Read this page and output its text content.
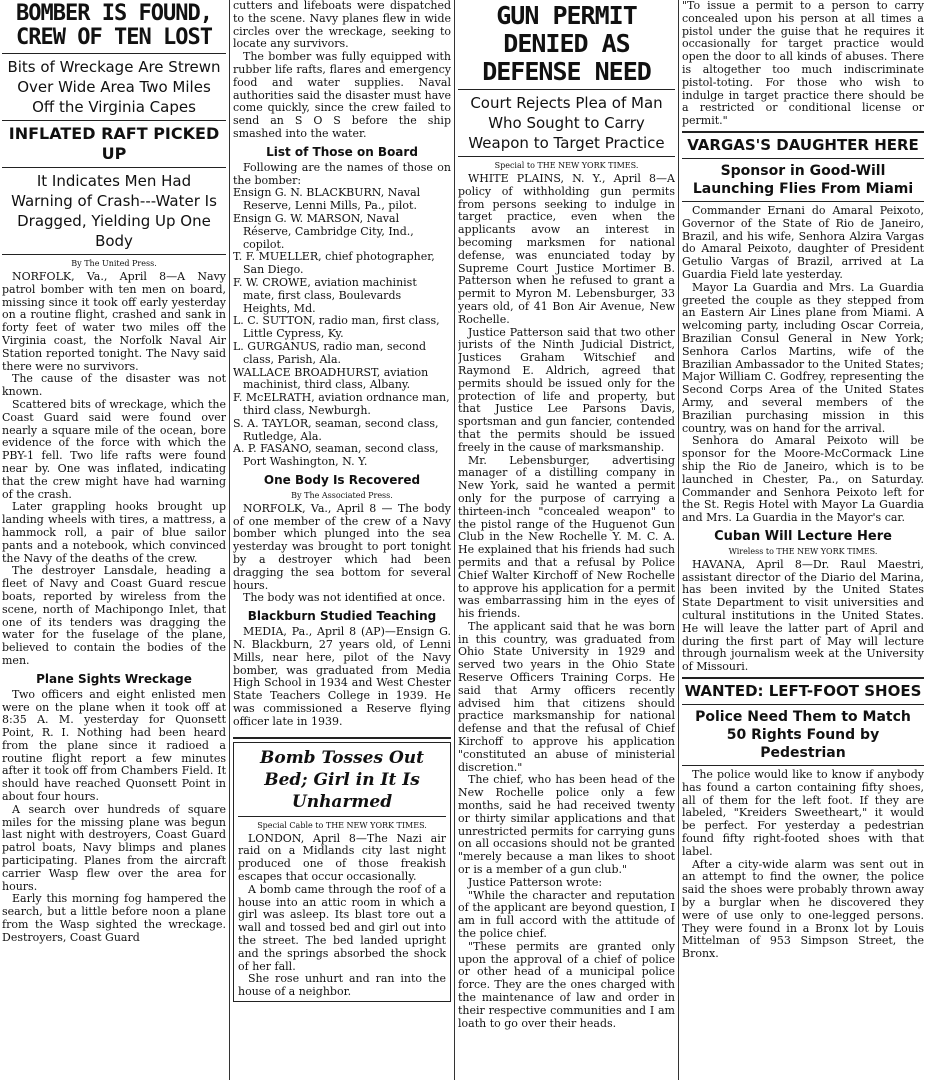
BOMBER IS FOUND, CREW OF TEN LOST
Bits of Wreckage Are Strewn Over Wide Area Two Miles Off the Virginia Capes
INFLATED RAFT PICKED UP
It Indicates Men Had Warning of Crash---Water Is Dragged, Yielding Up One Body
By The United Press.

NORFOLK, Va., April 8—A Navy patrol bomber with ten men on board, missing since it took off early yesterday on a routine flight, crashed and sank in forty feet of water two miles off the Virginia coast, the Norfolk Naval Air Station reported tonight. The Navy said there were no survivors.

The cause of the disaster was not known.

Scattered bits of wreckage, which the Coast Guard said were found over nearly a square mile of the ocean, bore evidence of the force with which the PBY-1 fell. Two life rafts were found near by. One was inflated, indicating that the crew might have had warning of the crash.

Later grappling hooks brought up landing wheels with tires, a mattress, a hammock roll, a pair of blue sailor pants and a notebook, which convinced the Navy of the deaths of the crew.

The destroyer Lansdale, heading a fleet of Navy and Coast Guard rescue boats, reported by wireless from the scene, north of Machipongo Inlet, that one of its tenders was dragging the water for the fuselage of the plane, believed to contain the bodies of the men.

Plane Sights Wreckage

Two officers and eight enlisted men were on the plane when it took off at 8:35 A. M. yesterday for Quonsett Point, R. I. Nothing had been heard from the plane since it radioed a routine flight report a few minutes after it took off from Chambers Field. It should have reached Quonsett Point in about four hours.

A search over hundreds of square miles for the missing plane was begun last night with destroyers, Coast Guard patrol boats, Navy blimps and planes participating. Planes from the aircraft carrier Wasp flew over the area for hours.

Early this morning fog hampered the search, but a little before noon a plane from the Wasp sighted the wreckage. Destroyers, Coast Guard

cutters and lifeboats were dispatched to the scene. Navy planes flew in wide circles over the wreckage, seeking to locate any survivors.

The bomber was fully equipped with rubber life rafts, flares and emergency food and water supplies. Naval authorities said the disaster must have come quickly, since the crew failed to send an S O S before the ship smashed into the water.

List of Those on Board

Following are the names of those on the bomber:

Ensign G. N. BLACKBURN, Naval Reserve, Lenni Mills, Pa., pilot.

Ensign G. W. MARSON, Naval Réserve, Cambridge City, Ind., copilot.

T. F. MUELLER, chief photographer, San Diego.

F. W. CROWE, aviation machinist mate, first class, Boulevards Heights, Md.

L. C. SUTTON, radio man, first class, Little Cypress, Ky.

L. GURGANUS, radio man, second class, Parish, Ala.

WALLACE BROADHURST, aviation machinist, third class, Albany.

F. McELRATH, aviation ordnance man, third class, Newburgh.

S. A. TAYLOR, seaman, second class, Rutledge, Ala.

A. P. FASANO, seaman, second class, Port Washington, N. Y.

One Body Is Recovered
By The Associated Press.

NORFOLK, Va., April 8 — The body of one member of the crew of a Navy bomber which plunged into the sea yesterday was brought to port tonight by a destroyer which had been dragging the sea bottom for several hours.

The body was not identified at once.

Blackburn Studied Teaching

MEDIA, Pa., April 8 (AP)—Ensign G. N. Blackburn, 27 years old, of Lenni Mills, near here, pilot of the Navy bomber, was graduated from Media High School in 1934 and West Chester State Teachers College in 1939. He was commissioned a Reserve flying officer late in 1939.

Bomb Tosses Out Bed; Girl in It Is Unharmed
Special Cable to THE NEW YORK TIMES.

LONDON, April 8—The Nazi air raid on a Midlands city last night produced one of those freakish escapes that occur occasionally.

A bomb came through the roof of a house into an attic room in which a girl was asleep. Its blast tore out a wall and tossed bed and girl out into the street. The bed landed upright and the springs absorbed the shock of her fall.

She rose unhurt and ran into the house of a neighbor.

GUN PERMIT DENIED AS DEFENSE NEED
Court Rejects Plea of Man Who Sought to Carry Weapon to Target Practice
Special to THE NEW YORK TIMES.

WHITE PLAINS, N. Y., April 8—A policy of withholding gun permits from persons seeking to indulge in target practice, even when the applicants avow an interest in becoming marksmen for national defense, was enunciated today by Supreme Court Justice Mortimer B. Patterson when he refused to grant a permit to Myron M. Lebensburger, 33 years old, of 41 Bon Air Avenue, New Rochelle.

Justice Patterson said that two other jurists of the Ninth Judicial District, Justices Graham Witschief and Raymond E. Aldrich, agreed that permits should be issued only for the protection of life and property, but that Justice Lee Parsons Davis, sportsman and gun fancier, contended that the permits should be issued freely in the cause of marksmanship.

Mr. Lebensburger, advertising manager of a distilling company in New York, said he wanted a permit only for the purpose of carrying a thirteen-inch "concealed weapon" to the pistol range of the Huguenot Gun Club in the New Rochelle Y. M. C. A. He explained that his friends had such permits and that a refusal by Police Chief Walter Kirchoff of New Rochelle to approve his application for a permit was embarrassing him in the eyes of his friends.

The applicant said that he was born in this country, was graduated from Ohio State University in 1929 and served two years in the Ohio State Reserve Officers Training Corps. He said that Army officers recently advised him that citizens should practice marksmanship for national defense and that the refusal of Chief Kirchoff to approve his application "constituted an abuse of ministerial discretion."

The chief, who has been head of the New Rochelle police only a few months, said he had received twenty or thirty similar applications and that unrestricted permits for carrying guns on all occasions should not be granted "merely because a man likes to shoot or is a member of a gun club."

Justice Patterson wrote:

"While the character and reputation of the applicant are beyond question, I am in full accord with the attitude of the police chief.

"These permits are granted only upon the approval of a chief of police or other head of a municipal police force. They are the ones charged with the maintenance of law and order in their respective communities and I am loath to go over their heads.

"To issue a permit to a person to carry concealed upon his person at all times a pistol under the guise that he requires it occasionally for target practice would open the door to all kinds of abuses. There is altogether too much indiscriminate pistol-toting. For those who wish to indulge in target practice there should be a restricted or conditional license or permit."

VARGAS'S DAUGHTER HERE
Sponsor in Good-Will Launching Flies From Miami

Commander Ernani do Amaral Peixoto, Governor of the State of Rio de Janeiro, Brazil, and his wife, Senhora Alzira Vargas do Amaral Peixoto, daughter of President Getulio Vargas of Brazil, arrived at La Guardia Field late yesterday.

Mayor La Guardia and Mrs. La Guardia greeted the couple as they stepped from an Eastern Air Lines plane from Miami. A welcoming party, including Oscar Correia, Brazilian Consul General in New York; Senhora Carlos Martins, wife of the Brazilian Ambassador to the United States; Major William C. Godfrey, representing the Second Corps Area of the United States Army, and several members of the Brazilian purchasing mission in this country, was on hand for the arrival.

Senhora do Amaral Peixoto will be sponsor for the Moore-McCormack Line ship the Rio de Janeiro, which is to be launched in Chester, Pa., on Saturday. Commander and Senhora Peixoto left for the St. Regis Hotel with Mayor La Guardia and Mrs. La Guardia in the Mayor's car.

Cuban Will Lecture Here
Wireless to THE NEW YORK TIMES.

HAVANA, April 8—Dr. Raul Maestri, assistant director of the Diario del Marina, has been invited by the United States State Department to visit universities and cultural institutions in the United States. He will leave the latter part of April and during the first part of May will lecture through journalism week at the University of Missouri.

WANTED: LEFT-FOOT SHOES
Police Need Them to Match 50 Rights Found by Pedestrian

The police would like to know if anybody has found a carton containing fifty shoes, all of them for the left foot. If they are labeled, "Kreiders Sweetheart," it would be perfect. For yesterday a pedestrian found fifty right-footed shoes with that label.

After a city-wide alarm was sent out in an attempt to find the owner, the police said the shoes were probably thrown away by a burglar when he discovered they were of use only to one-legged persons. They were found in a Bronx lot by Louis Mittelman of 953 Simpson Street, the Bronx.
